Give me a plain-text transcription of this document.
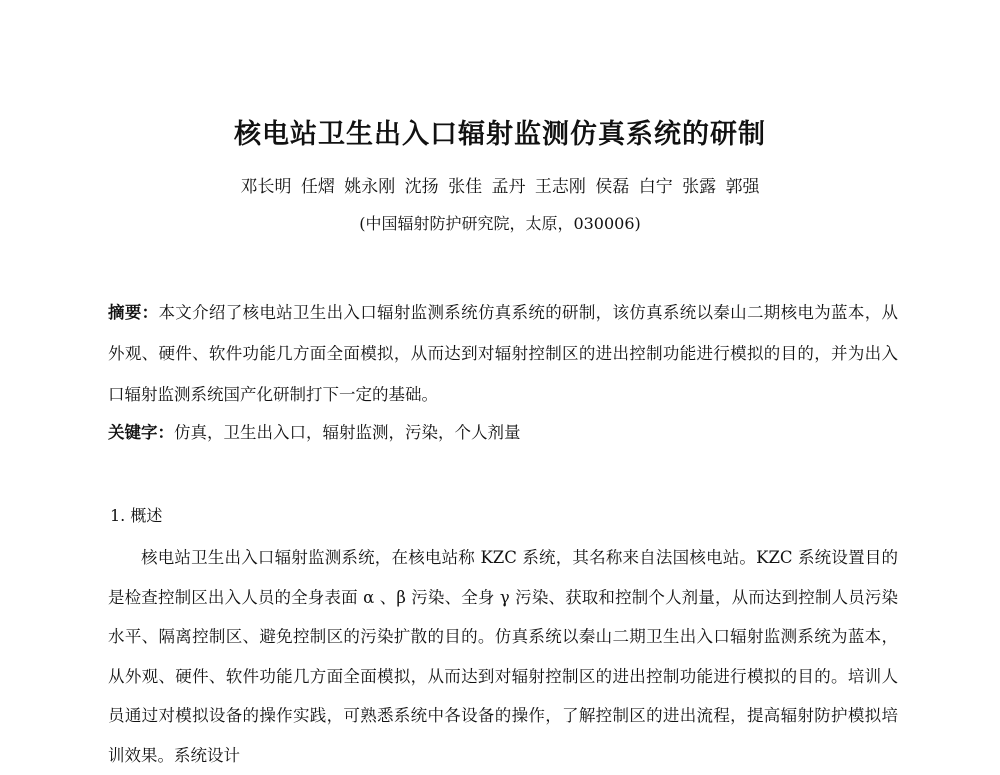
核电站卫生出入口辐射监测仿真系统的研制
邓长明 任熠 姚永刚 沈扬 张佳 孟丹 王志刚 侯磊 白宁 张露 郭强
(中国辐射防护研究院，太原，030006)
摘要：本文介绍了核电站卫生出入口辐射监测系统仿真系统的研制，该仿真系统以秦山二期核电为蓝本，从外观、硬件、软件功能几方面全面模拟，从而达到对辐射控制区的进出控制功能进行模拟的目的，并为出入口辐射监测系统国产化研制打下一定的基础。
关键字：仿真，卫生出入口，辐射监测，污染，个人剂量
1. 概述
核电站卫生出入口辐射监测系统，在核电站称 KZC 系统，其名称来自法国核电站。KZC 系统设置目的是检查控制区出入人员的全身表面 α 、β 污染、全身 γ 污染、获取和控制个人剂量，从而达到控制人员污染水平、隔离控制区、避免控制区的污染扩散的目的。仿真系统以秦山二期卫生出入口辐射监测系统为蓝本，从外观、硬件、软件功能几方面全面模拟，从而达到对辐射控制区的进出控制功能进行模拟的目的。培训人员通过对模拟设备的操作实践，可熟悉系统中各设备的操作，了解控制区的进出流程，提高辐射防护模拟培训效果。系统设计
